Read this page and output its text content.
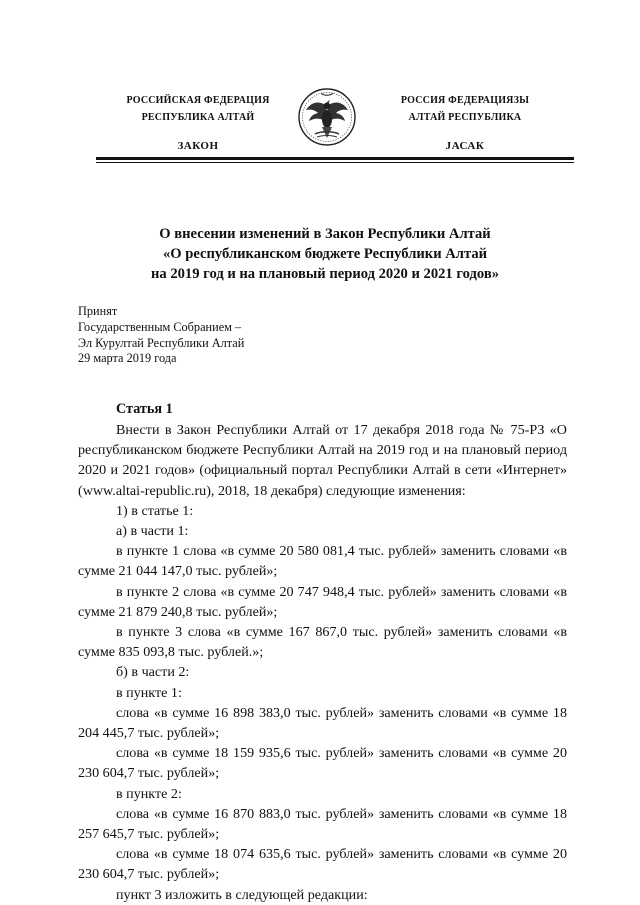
РОССИЙСКАЯ ФЕДЕРАЦИЯ
РЕСПУБЛИКА АЛТАЙ
ЗАКОН
РОССИЯ ФЕДЕРАЦИЯЗЫ
АЛТАЙ РЕСПУБЛИКА
JАСАК
О внесении изменений в Закон Республики Алтай
«О республиканском бюджете Республики Алтай
на 2019 год и на плановый период 2020 и 2021 годов»
Принят
Государственным Собранием –
Эл Курултай Республики Алтай
29 марта 2019 года
Статья 1

Внести в Закон Республики Алтай от 17 декабря 2018 года № 75-РЗ «О республиканском бюджете Республики Алтай на 2019 год и на плановый период 2020 и 2021 годов» (официальный портал Республики Алтай в сети «Интернет» (www.altai-republic.ru), 2018, 18 декабря) следующие изменения:

1) в статье 1:

а) в части 1:

в пункте 1 слова «в сумме 20 580 081,4 тыс. рублей» заменить словами «в сумме 21 044 147,0 тыс. рублей»;

в пункте 2 слова «в сумме 20 747 948,4 тыс. рублей» заменить словами «в сумме 21 879 240,8 тыс. рублей»;

в пункте 3 слова «в сумме 167 867,0 тыс. рублей» заменить словами «в сумме 835 093,8 тыс. рублей.»;

б) в части 2:

в пункте 1:

слова «в сумме 16 898 383,0 тыс. рублей» заменить словами «в сумме 18 204 445,7 тыс. рублей»;

слова «в сумме 18 159 935,6 тыс. рублей» заменить словами «в сумме 20 230 604,7 тыс. рублей»;

в пункте 2:

слова «в сумме 16 870 883,0 тыс. рублей» заменить словами «в сумме 18 257 645,7 тыс. рублей»;

слова «в сумме 18 074 635,6 тыс. рублей» заменить словами «в сумме 20 230 604,7 тыс. рублей»;

пункт 3 изложить в следующей редакции:
